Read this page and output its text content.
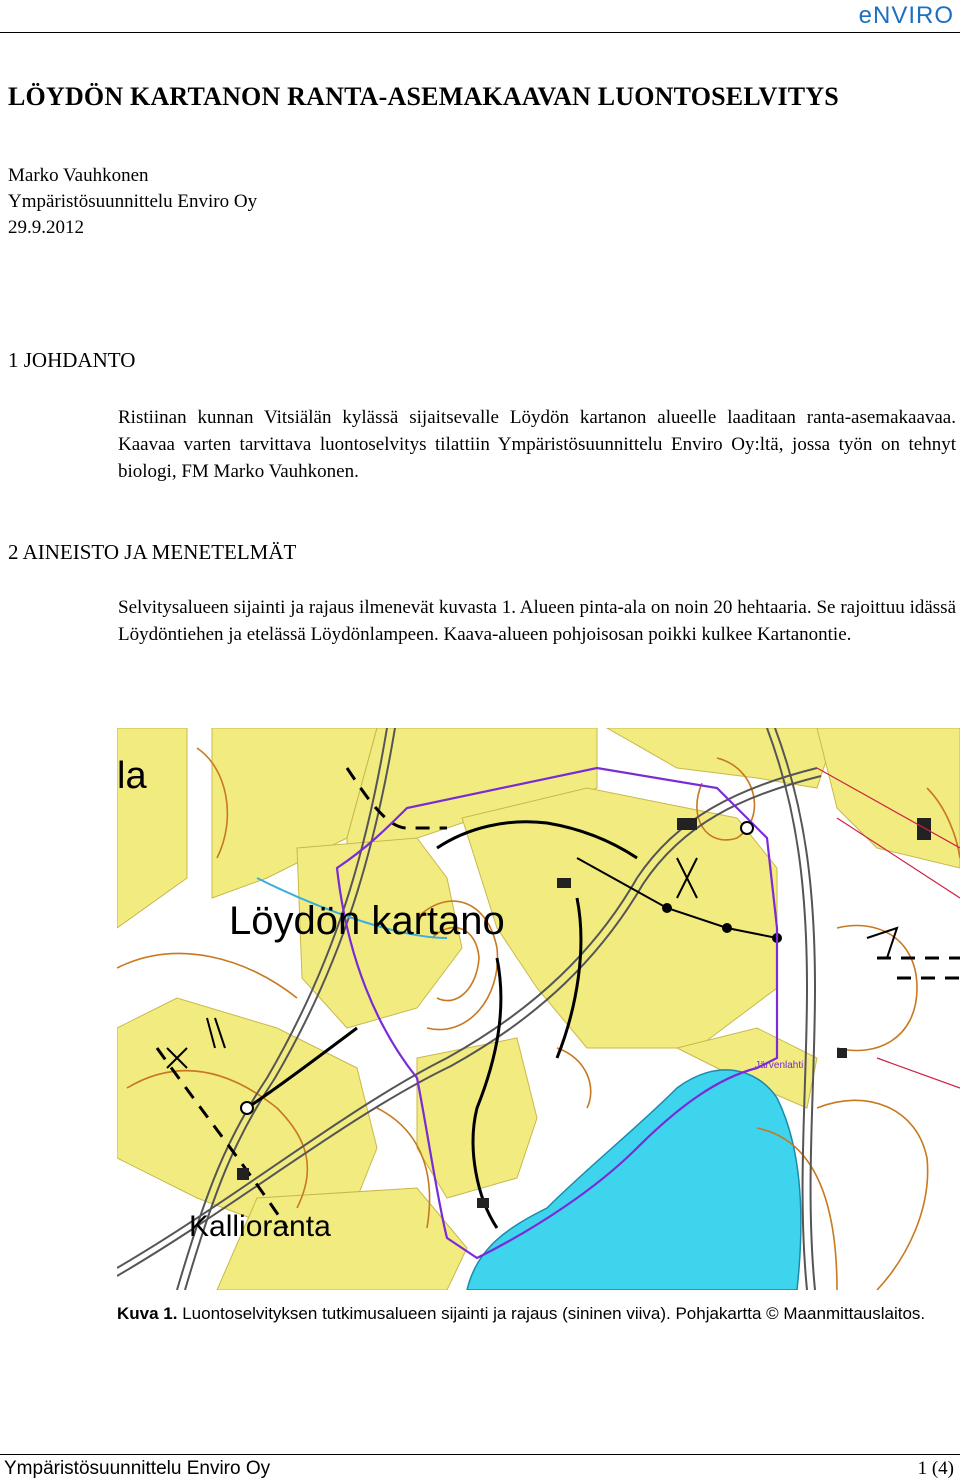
eNVIRO
LÖYDÖN KARTANON RANTA-ASEMAKAAVAN LUONTOSELVITYS
Marko Vauhkonen
Ympäristösuunnittelu Enviro Oy
29.9.2012
1 JOHDANTO

Ristiinan kunnan Vitsiälän kylässä sijaitsevalle Löydön kartanon alueelle laaditaan ranta-asemakaavaa. Kaavaa varten tarvittava luontoselvitys tilattiin Ympäristösuunnittelu Enviro Oy:ltä, jossa työn on tehnyt biologi, FM Marko Vauhkonen.

2 AINEISTO JA MENETELMÄT

Selvitysalueen sijainti ja rajaus ilmenevät kuvasta 1. Alueen pinta-ala on noin 20 hehtaaria. Se rajoittuu idässä Löydöntiehen ja etelässä Löydönlampeen. Kaava-alueen pohjoisosan poikki kulkee Kartanontie.

la
Löydön kartano
Kallioranta
Järvenlahti

Kuva 1. Luontoselvityksen tutkimusalueen sijainti ja rajaus (sininen viiva). Pohjakartta © Maanmittauslaitos.

Ympäristösuunnittelu Enviro Oy	1 (4)
